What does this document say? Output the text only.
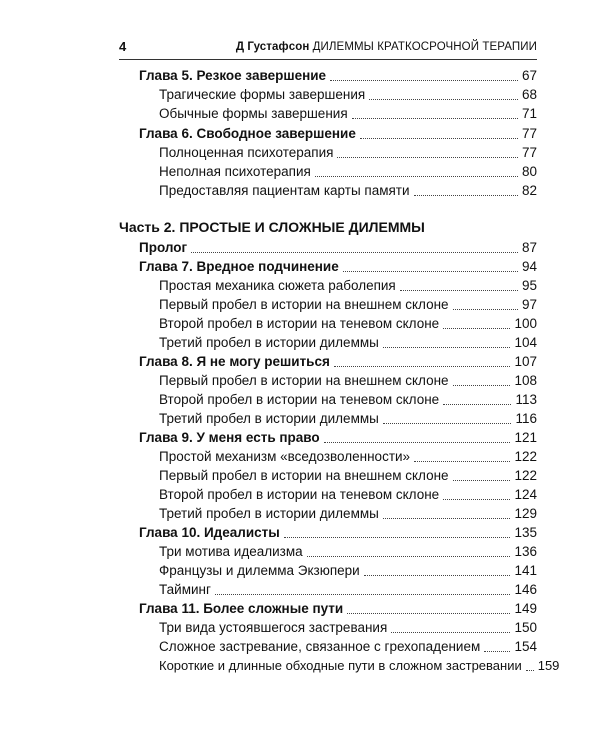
4	Д Густафсон ДИЛЕММЫ КРАТКОСРОЧНОЙ ТЕРАПИИ
Глава 5. Резкое завершение	67
Трагические формы завершения	68
Обычные формы завершения	71
Глава 6. Свободное завершение	77
Полноценная психотерапия	77
Неполная психотерапия	80
Предоставляя пациентам карты памяти	82
Часть 2. ПРОСТЫЕ И СЛОЖНЫЕ ДИЛЕММЫ
Пролог	87
Глава 7. Вредное подчинение	94
Простая механика сюжета раболепия	95
Первый пробел в истории на внешнем склоне	97
Второй пробел в истории на теневом склоне	100
Третий пробел в истории дилеммы	104
Глава 8. Я не могу решиться	107
Первый пробел в истории на внешнем склоне	108
Второй пробел в истории на теневом склоне	113
Третий пробел в истории дилеммы	116
Глава 9. У меня есть право	121
Простой механизм «вседозволенности»	122
Первый пробел в истории на внешнем склоне	122
Второй пробел в истории на теневом склоне	124
Третий пробел в истории дилеммы	129
Глава 10. Идеалисты	135
Три мотива идеализма	136
Французы и дилемма Экзюпери	141
Тайминг	146
Глава 11. Более сложные пути	149
Три вида устоявшегося застревания	150
Сложное застревание, связанное с грехопадением	154
Короткие и длинные обходные пути в сложном застревании 159
